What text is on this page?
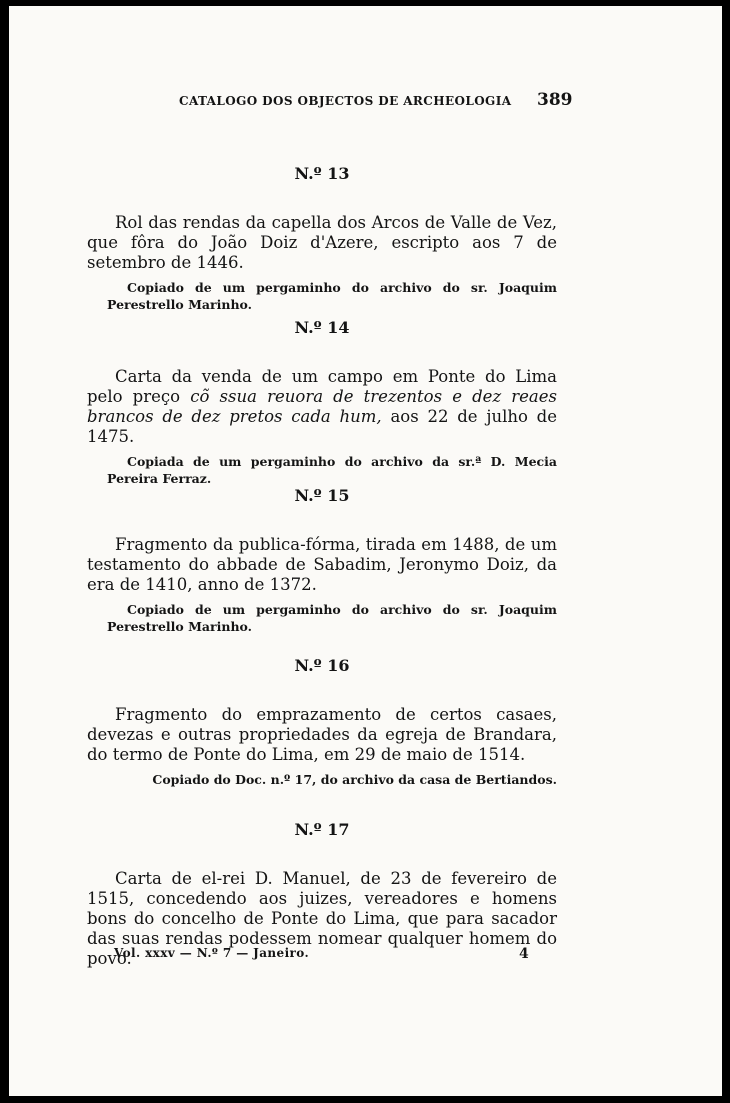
CATALOGO DOS OBJECTOS DE ARCHEOLOGIA	389
N.º 13

Rol das rendas da capella dos Arcos de Valle de Vez, que fôra do João Doiz d'Azere, escripto aos 7 de setembro de 1446.

Copiado de um pergaminho do archivo do sr. Joaquim Perestrello Marinho.

N.º 14

Carta da venda de um campo em Ponte do Lima pelo preço cõ ssua reuora de trezentos e dez reaes brancos de dez pretos cada hum, aos 22 de julho de 1475.

Copiada de um pergaminho do archivo da sr.ª D. Mecia Pereira Ferraz.

N.º 15

Fragmento da publica-fórma, tirada em 1488, de um testamento do abbade de Sabadim, Jeronymo Doiz, da era de 1410, anno de 1372.

Copiado de um pergaminho do archivo do sr. Joaquim Perestrello Marinho.

N.º 16

Fragmento do emprazamento de certos casaes, devezas e outras propriedades da egreja de Brandara, do termo de Ponte do Lima, em 29 de maio de 1514.

Copiado do Doc. n.º 17, do archivo da casa de Bertiandos.

N.º 17

Carta de el-rei D. Manuel, de 23 de fevereiro de 1515, concedendo aos juizes, vereadores e homens bons do concelho de Ponte do Lima, que para sacador das suas rendas podessem nomear qualquer homem do povo.

Vol. xxxv — N.º 7 — Janeiro.	4
